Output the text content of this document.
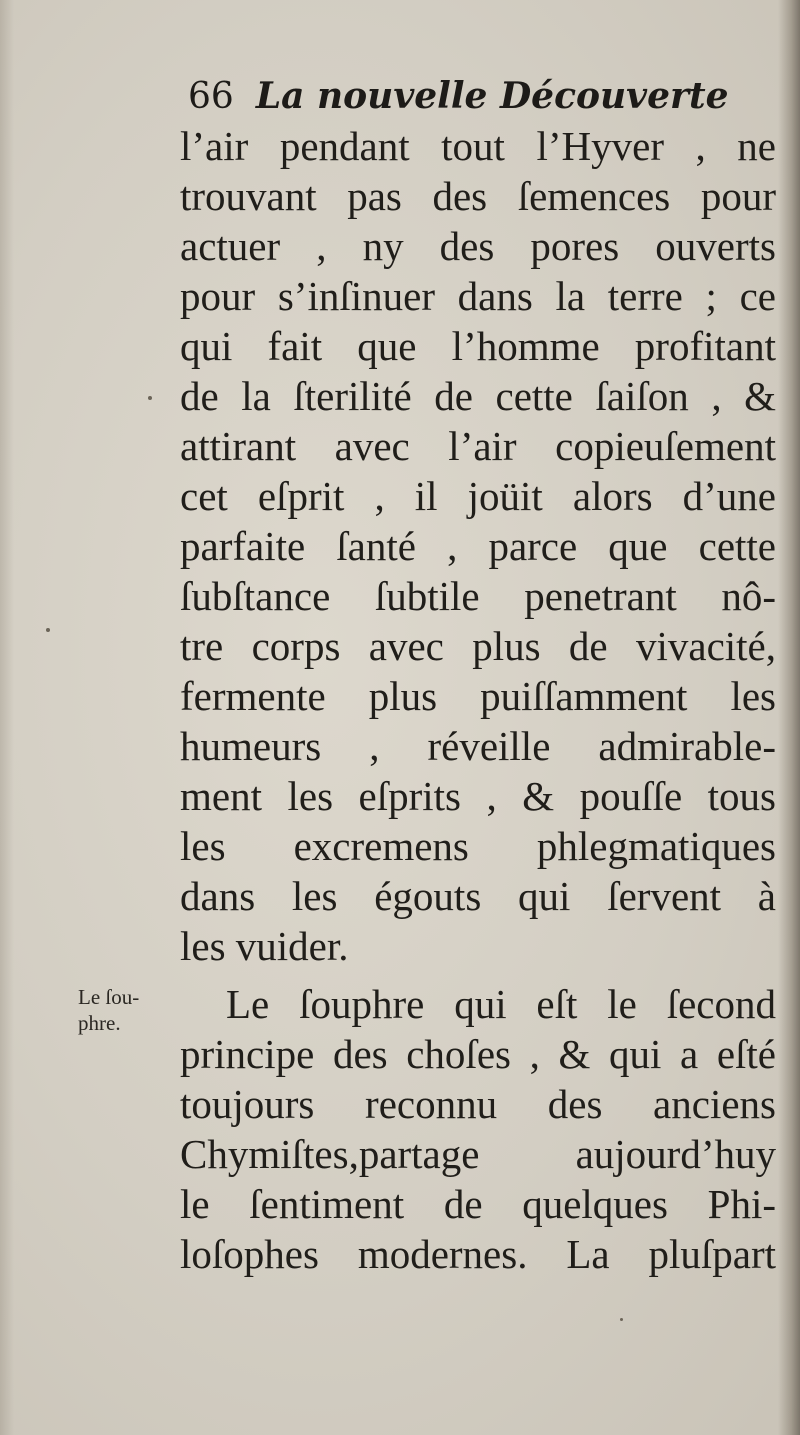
66 La nouvelle Découverte
l’air pendant tout l’Hyver , ne
trouvant pas des ſemences pour
actuer , ny des pores ouverts
pour s’inſinuer dans la terre ; ce
qui fait que l’homme profitant
de la ſterilité de cette ſaiſon , &
attirant avec l’air copieuſement
cet eſprit , il joüit alors d’une
parfaite ſanté , parce que cette
ſubſtance ſubtile penetrant nô-
tre corps avec plus de vivacité,
fermente plus puiſſamment les
humeurs , réveille admirable-
ment les eſprits , & pouſſe tous
les excremens phlegmatiques
dans les égouts qui ſervent à
les vuider.
Le ſouphre qui eſt le ſecond
principe des choſes , & qui a eſté
toujours reconnu des anciens
Chymiſtes,partage aujourd’huy
le ſentiment de quelques Phi-
loſophes modernes. La pluſpart
Le ſou-
phre.
